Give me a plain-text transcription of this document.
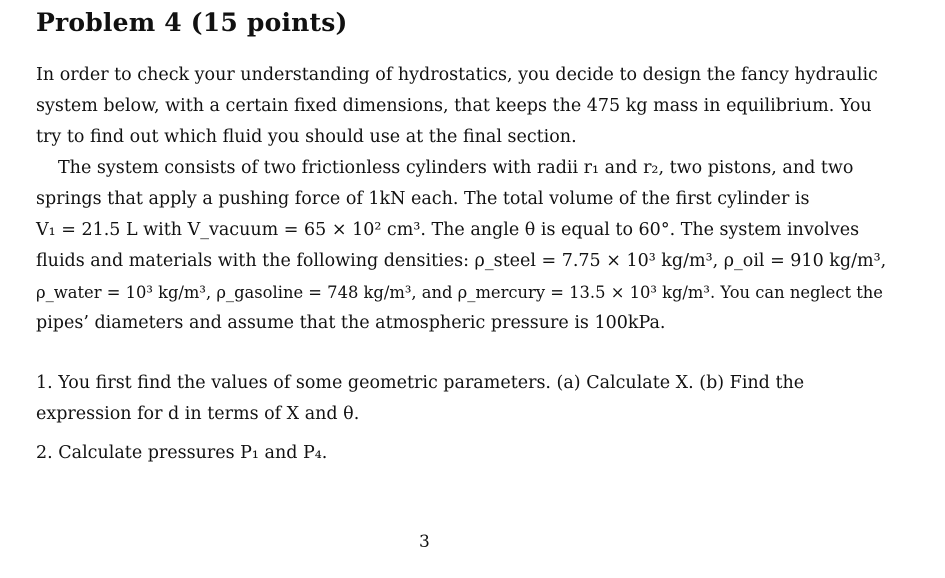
Problem 4 (15 points)
In order to check your understanding of hydrostatics, you decide to design the fancy hydraulic
system below, with a certain fixed dimensions, that keeps the 475 kg mass in equilibrium. You
try to find out which fluid you should use at the final section.
The system consists of two frictionless cylinders with radii r₁ and r₂, two pistons, and two
springs that apply a pushing force of 1kN each. The total volume of the first cylinder is
V₁ = 21.5 L with V_vacuum = 65 × 10² cm³. The angle θ is equal to 60°. The system involves
fluids and materials with the following densities: ρ_steel = 7.75 × 10³ kg/m³, ρ_oil = 910 kg/m³,
ρ_water = 10³ kg/m³, ρ_gasoline = 748 kg/m³, and ρ_mercury = 13.5 × 10³ kg/m³. You can neglect the
pipes’ diameters and assume that the atmospheric pressure is 100kPa.
1. You first find the values of some geometric parameters. (a) Calculate X. (b) Find the
expression for d in terms of X and θ.
2. Calculate pressures P₁ and P₄.
3
